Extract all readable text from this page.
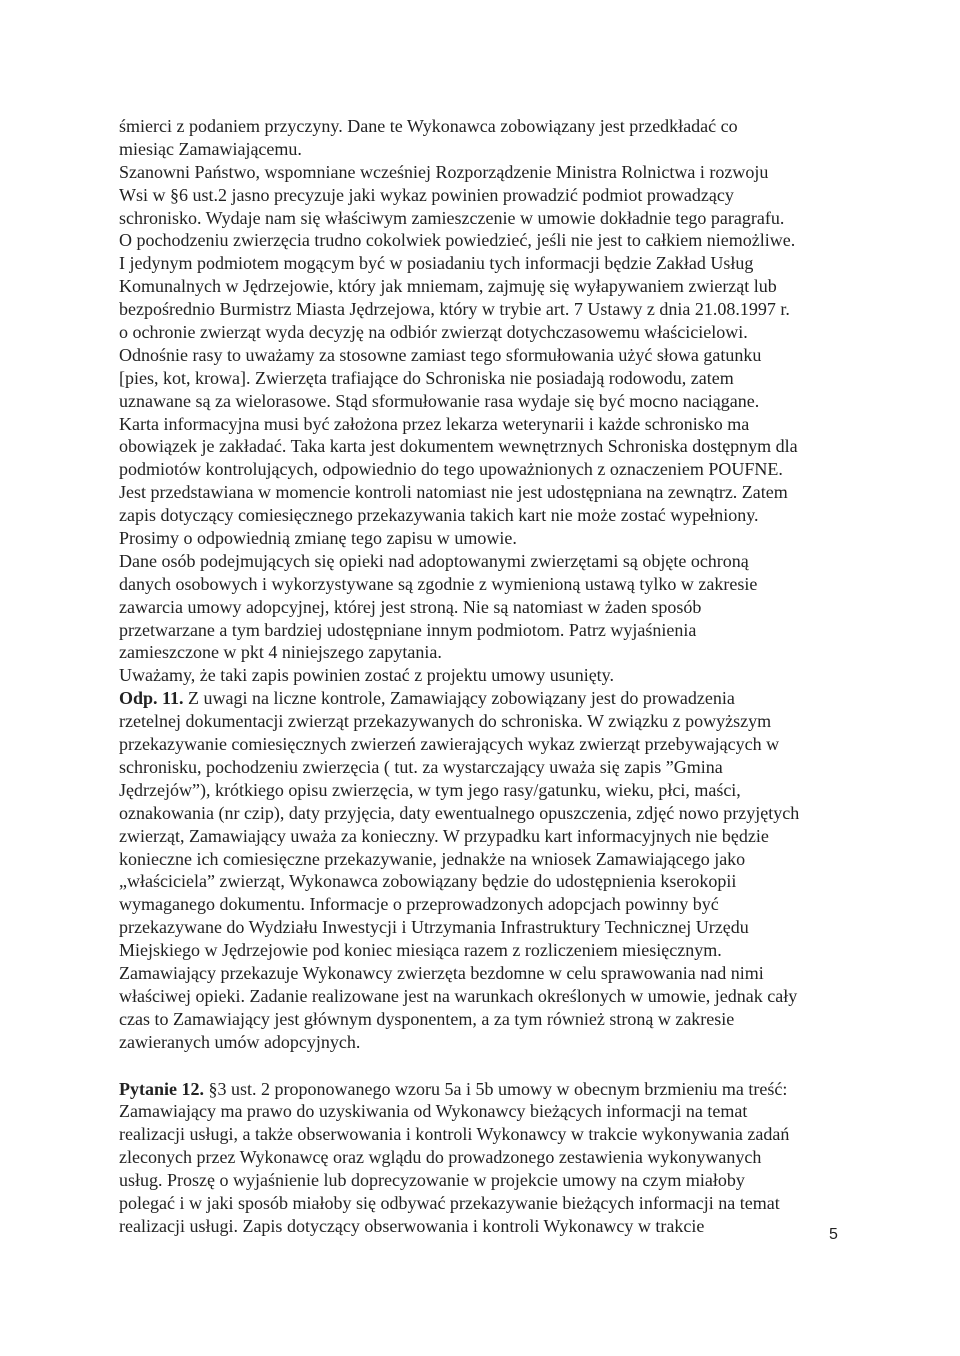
śmierci z podaniem przyczyny. Dane te Wykonawca zobowiązany jest przedkładać co
miesiąc Zamawiającemu.
Szanowni Państwo, wspomniane wcześniej Rozporządzenie Ministra Rolnictwa i rozwoju
Wsi w §6 ust.2 jasno precyzuje jaki wykaz powinien prowadzić podmiot prowadzący
schronisko. Wydaje nam się właściwym zamieszczenie w umowie dokładnie tego paragrafu.
O pochodzeniu zwierzęcia trudno cokolwiek powiedzieć, jeśli nie jest to całkiem niemożliwe.
I jedynym podmiotem mogącym być w posiadaniu tych informacji będzie Zakład Usług
Komunalnych w Jędrzejowie, który jak mniemam, zajmuję się wyłapywaniem zwierząt lub
bezpośrednio Burmistrz Miasta Jędrzejowa, który w trybie art. 7 Ustawy z dnia 21.08.1997 r.
o ochronie zwierząt wyda decyzję na odbiór zwierząt dotychczasowemu właścicielowi.
Odnośnie rasy to uważamy za stosowne zamiast tego sformułowania użyć słowa gatunku
[pies, kot, krowa]. Zwierzęta trafiające do Schroniska nie posiadają rodowodu, zatem
uznawane są za wielorasowe. Stąd sformułowanie rasa wydaje się być mocno naciągane.
Karta informacyjna musi być założona przez lekarza weterynarii i każde schronisko ma
obowiązek je zakładać. Taka karta jest dokumentem wewnętrznych Schroniska dostępnym dla
podmiotów kontrolujących, odpowiednio do tego upoważnionych z oznaczeniem POUFNE.
Jest przedstawiana w momencie kontroli natomiast nie jest udostępniana na zewnątrz. Zatem
zapis dotyczący comiesięcznego przekazywania takich kart nie może zostać wypełniony.
Prosimy o odpowiednią zmianę tego zapisu w umowie.
Dane osób podejmujących się opieki nad adoptowanymi zwierzętami są objęte ochroną
danych osobowych i wykorzystywane są zgodnie z wymienioną ustawą tylko w zakresie
zawarcia umowy adopcyjnej, której jest stroną. Nie są natomiast w żaden sposób
przetwarzane a tym bardziej udostępniane innym podmiotom. Patrz wyjaśnienia
zamieszczone w pkt 4 niniejszego zapytania.
Uważamy, że taki zapis powinien zostać z projektu umowy usunięty.
Odp. 11. Z uwagi na liczne kontrole, Zamawiający zobowiązany jest do prowadzenia
rzetelnej dokumentacji zwierząt przekazywanych do schroniska. W związku z powyższym
przekazywanie comiesięcznych zwierzeń zawierających wykaz zwierząt przebywających w
schronisku, pochodzeniu zwierzęcia ( tut. za wystarczający uważa się zapis ”Gmina
Jędrzejów”), krótkiego opisu zwierzęcia, w tym jego rasy/gatunku, wieku, płci, maści,
oznakowania (nr czip), daty przyjęcia, daty ewentualnego opuszczenia, zdjęć nowo przyjętych
zwierząt, Zamawiający uważa za konieczny. W przypadku kart informacyjnych nie będzie
konieczne ich comiesięczne przekazywanie, jednakże na wniosek Zamawiającego jako
„właściciela” zwierząt, Wykonawca zobowiązany będzie do udostępnienia kserokopii
wymaganego dokumentu. Informacje o przeprowadzonych adopcjach powinny być
przekazywane do Wydziału Inwestycji i Utrzymania Infrastruktury Technicznej Urzędu
Miejskiego w Jędrzejowie pod koniec miesiąca razem z rozliczeniem miesięcznym.
Zamawiający przekazuje Wykonawcy zwierzęta bezdomne w celu sprawowania nad nimi
właściwej opieki. Zadanie realizowane jest na warunkach określonych w umowie, jednak cały
czas to Zamawiający jest głównym dysponentem, a za tym również stroną w zakresie
zawieranych umów adopcyjnych.
Pytanie 12. §3 ust. 2 proponowanego wzoru 5a i 5b umowy w obecnym brzmieniu ma treść:
Zamawiający ma prawo do uzyskiwania od Wykonawcy bieżących informacji na temat
realizacji usługi, a także obserwowania i kontroli Wykonawcy w trakcie wykonywania zadań
zleconych przez Wykonawcę oraz wglądu do prowadzonego zestawienia wykonywanych
usług. Proszę o wyjaśnienie lub doprecyzowanie w projekcie umowy na czym miałoby
polegać i w jaki sposób miałoby się odbywać przekazywanie bieżących informacji na temat
realizacji usługi. Zapis dotyczący obserwowania i kontroli Wykonawcy w trakcie	5
